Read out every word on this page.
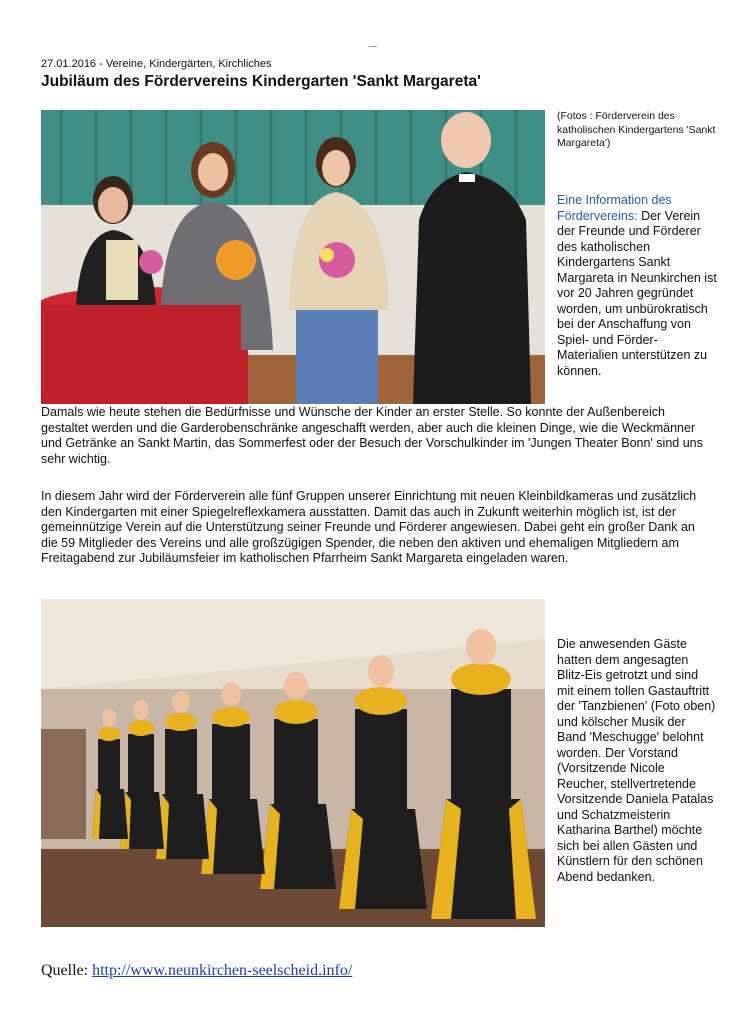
27.01.2016 - Vereine, Kindergärten, Kirchliches
Jubiläum des Fördervereins Kindergarten 'Sankt Margareta'
(Fotos : Förderverein des katholischen Kindergartens 'Sankt Margareta')
Eine Information des Fördervereins: Der Verein der Freunde und Förderer des katholischen Kindergartens Sankt Margareta in Neunkirchen ist vor 20 Jahren gegründet worden, um unbürokratisch bei der Anschaffung von Spiel- und Förder-Materialien unterstützen zu können.

Damals wie heute stehen die Bedürfnisse und Wünsche der Kinder an erster Stelle. So konnte der Außenbereich gestaltet werden und die Garderobenschränke angeschafft werden, aber auch die kleinen Dinge, wie die Weckmänner und Getränke an Sankt Martin, das Sommerfest oder der Besuch der Vorschulkinder im 'Jungen Theater Bonn' sind uns sehr wichtig.

In diesem Jahr wird der Förderverein alle fünf Gruppen unserer Einrichtung mit neuen Kleinbildkameras und zusätzlich den Kindergarten mit einer Spiegelreflexkamera ausstatten. Damit das auch in Zukunft weiterhin möglich ist, ist der gemeinnützige Verein auf die Unterstützung seiner Freunde und Förderer angewiesen. Dabei geht ein großer Dank an die 59 Mitglieder des Vereins und alle großzügigen Spender, die neben den aktiven und ehemaligen Mitgliedern am Freitagabend zur Jubiläumsfeier im katholischen Pfarrheim Sankt Margareta eingeladen waren.

Die anwesenden Gäste hatten dem angesagten Blitz-Eis getrotzt und sind mit einem tollen Gastauftritt der 'Tanzbienen' (Foto oben) und kölscher Musik der Band 'Meschugge' belohnt worden. Der Vorstand (Vorsitzende Nicole Reucher, stellvertretende Vorsitzende Daniela Patalas und Schatzmeisterin Katharina Barthel) möchte sich bei allen Gästen und Künstlern für den schönen Abend bedanken.
Quelle: http://www.neunkirchen-seelscheid.info/
